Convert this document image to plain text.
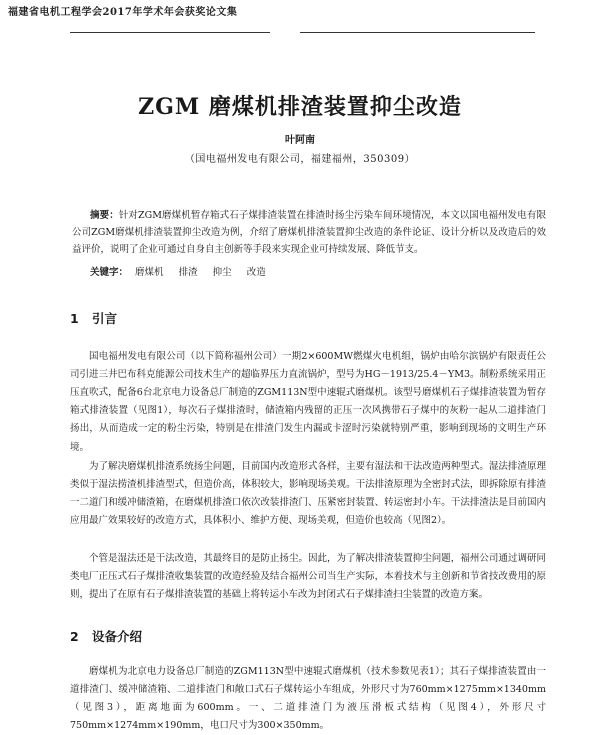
福建省电机工程学会2017年学术年会获奖论文集
ZGM 磨煤机排渣装置抑尘改造
叶阿南
（国电福州发电有限公司，福建福州，350309）
摘要：针对ZGM磨煤机暂存箱式石子煤排渣装置在排渣时扬尘污染车间环境情况，本文以国电福州发电有限公司ZGM磨煤机排渣装置抑尘改造为例，介绍了磨煤机排渣装置抑尘改造的条件论证、设计分析以及改造后的效益评价，说明了企业可通过自身自主创新等手段来实现企业可持续发展、降低节支。
关键字： 磨煤机 排渣 抑尘 改造
1 引言

国电福州发电有限公司（以下简称福州公司）一期2×600MW燃煤火电机组，锅炉由哈尔滨锅炉有限责任公司引进三井巴布科克能源公司技术生产的超临界压力直流锅炉，型号为HG－1913/25.4－YM3。制粉系统采用正压直吹式，配备6台北京电力设备总厂制造的ZGM113N型中速辊式磨煤机。该型号磨煤机石子煤排渣装置为暂存箱式排渣装置（见图1），每次石子煤排渣时，储渣箱内残留的正压一次风携带石子煤中的灰粉一起从二道排渣门扬出，从而造成一定的粉尘污染，特别是在排渣门发生内漏或卡涩时污染就特别严重，影响到现场的文明生产环境。

为了解决磨煤机排渣系统扬尘问题，目前国内改造形式各样，主要有湿法和干法改造两种型式。湿法排渣原理类似于湿法捞渣机排渣型式，但造价高，体积较大，影响现场美观。干法排渣原理为全密封式法，即拆除原有排渣一二道门和缓冲储渣箱，在磨煤机排渣口依次改装排渣门、压紧密封装置、转运密封小车。干法排渣法是目前国内应用最广效果较好的改造方式，具体积小、维护方便、现场美观，但造价也较高（见图2）。

个管是湿法还是干法改造，其最终目的是防止扬尘。因此，为了解决排渣装置抑尘问题，福州公司通过调研同类电厂正压式石子煤排渣收集装置的改造经验及结合福州公司当生产实际，本着技术与主创新和节省技改费用的原则，提出了在原有石子煤排渣装置的基础上将转运小车改为封闭式石子煤排渣扫尘装置的改造方案。

2 设备介绍

磨煤机为北京电力设备总厂制造的ZGM113N型中速辊式磨煤机（技术参数见表1）；其石子煤排渣装置由一道排渣门、缓冲储渣箱、二道排渣门和敞口式石子煤转运小车组成，外形尺寸为760mm×1275mm×1340mm（见图3），距离地面为600mm。一、二道排渣门为液压滑板式结构（见图4），外形尺寸750mm×1274mm×190mm，电口尺寸为300×350mm。
